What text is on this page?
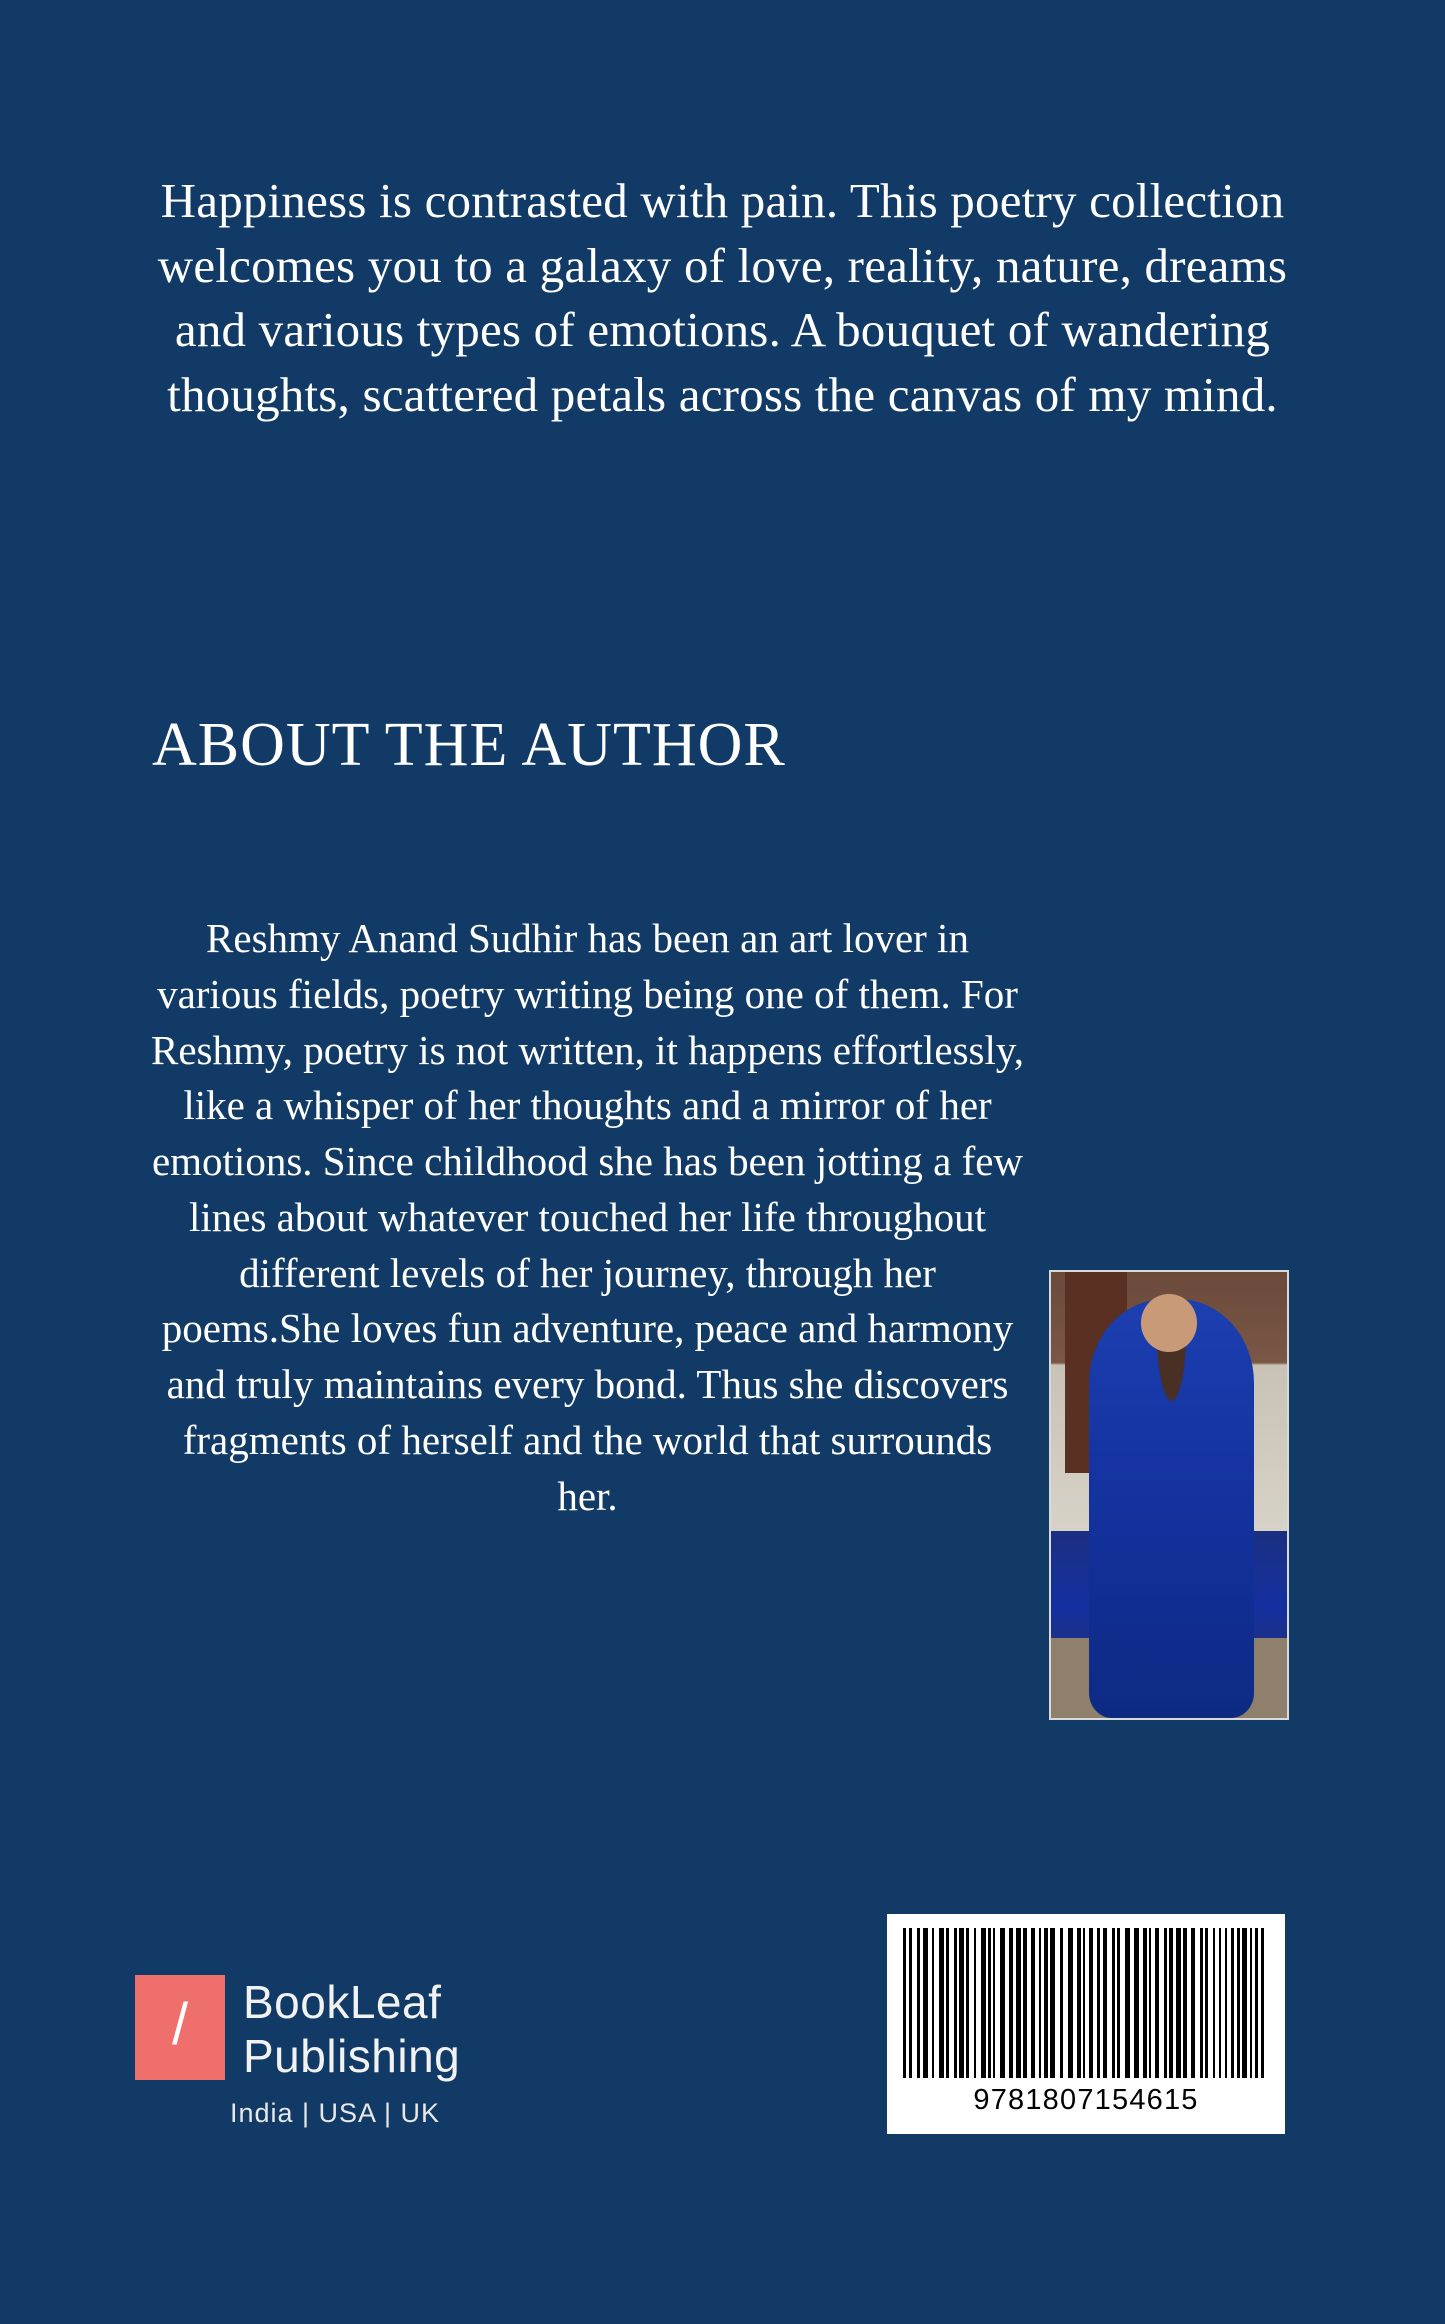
Happiness is contrasted with pain. This poetry collection welcomes you to a galaxy of love, reality, nature, dreams and various types of emotions. A bouquet of wandering thoughts, scattered petals across the canvas of my mind.

ABOUT THE AUTHOR

Reshmy Anand Sudhir has been an art lover in various fields, poetry writing being one of them. For Reshmy, poetry is not written, it happens effortlessly, like a whisper of her thoughts and a mirror of her emotions. Since childhood she has been jotting a few lines about whatever touched her life throughout different levels of her journey, through her poems.She loves fun adventure, peace and harmony and truly maintains every bond. Thus she discovers fragments of herself and the world that surrounds her.

/ BookLeaf
Publishing
India | USA | UK	9781807154615
